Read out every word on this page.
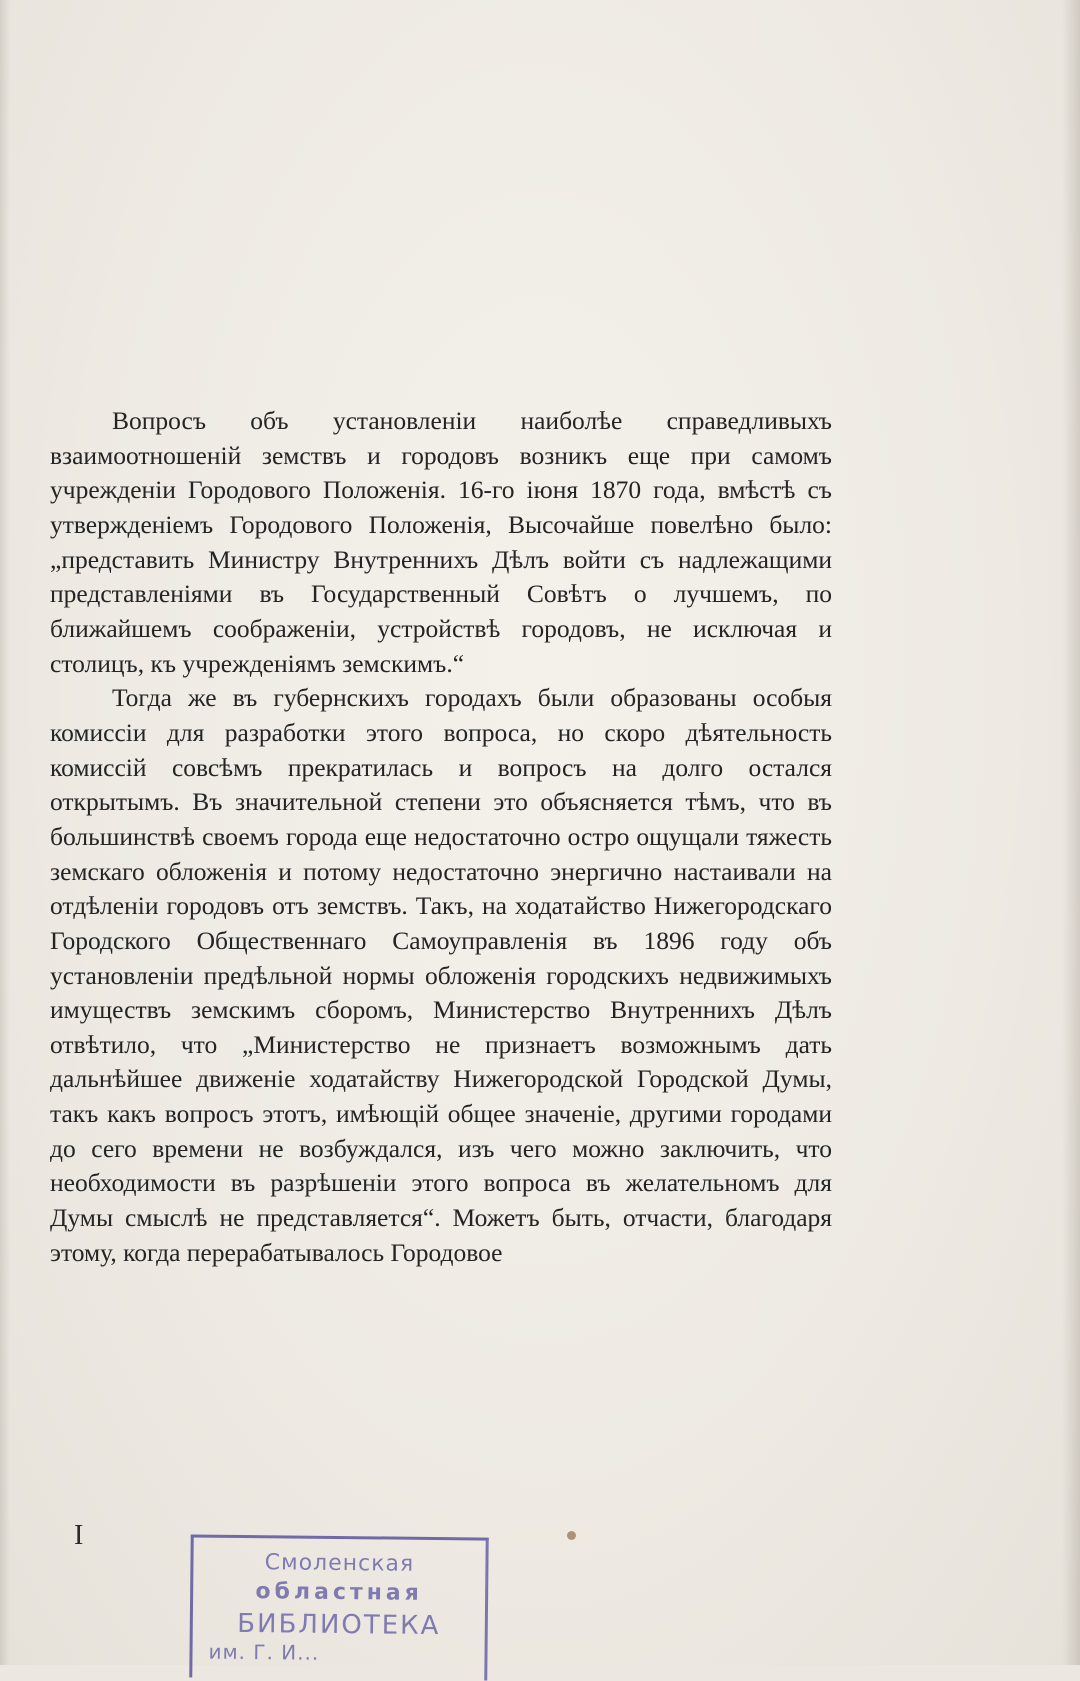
Вопросъ объ установленіи наиболѣе справедливыхъ взаимоотношеній земствъ и городовъ возникъ еще при самомъ учрежденіи Городового Положенія. 16-го іюня 1870 года, вмѣстѣ съ утвержденіемъ Городового Положенія, Высочайше повелѣно было: „представить Министру Внутреннихъ Дѣлъ войти съ надлежащими представленіями въ Государственный Совѣтъ о лучшемъ, по ближайшемъ соображеніи, устройствѣ городовъ, не исключая и столицъ, къ учрежденіямъ земскимъ.“

Тогда же въ губернскихъ городахъ были образованы особыя комиссіи для разработки этого вопроса, но скоро дѣятельность комиссій совсѣмъ прекратилась и вопросъ на долго остался открытымъ. Въ значительной степени это объясняется тѣмъ, что въ большинствѣ своемъ города еще недостаточно остро ощущали тяжесть земскаго обложенія и потому недостаточно энергично настаивали на отдѣленіи городовъ отъ земствъ. Такъ, на ходатайство Нижегородскаго Городского Общественнаго Самоуправленія въ 1896 году объ установленіи предѣльной нормы обложенія городскихъ недвижимыхъ имуществъ земскимъ сборомъ, Министерство Внутреннихъ Дѣлъ отвѣтило, что „Министерство не признаетъ возможнымъ дать дальнѣйшее движеніе ходатайству Нижегородской Городской Думы, такъ какъ вопросъ этотъ, имѣющій общее значеніе, другими городами до сего времени не возбуждался, изъ чего можно заключить, что необходимости въ разрѣшеніи этого вопроса въ желательномъ для Думы смыслѣ не представляется“. Можетъ быть, отчасти, благодаря этому, когда перерабатывалось Городовое

I
Смоленская
областная
БИБЛИОТЕКА
им. Г. И...
